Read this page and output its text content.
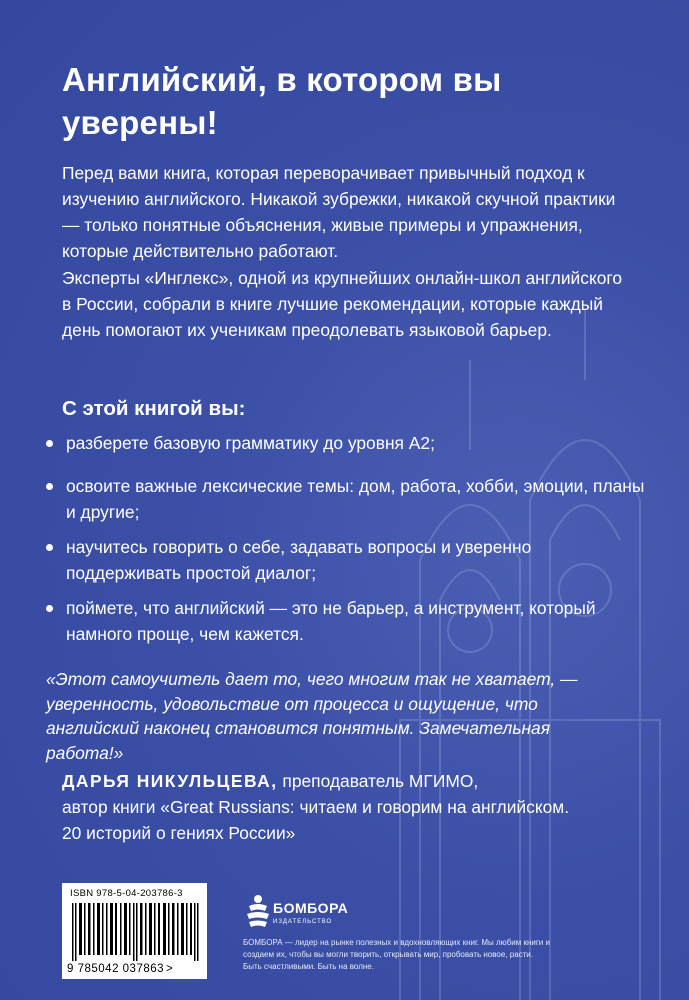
Английский, в котором вы уверены!
Перед вами книга, которая переворачивает привычный подход к изучению английского. Никакой зубрежки, никакой скучной практики — только понятные объяснения, живые примеры и упражнения, которые действительно работают.
Эксперты «Инглекс», одной из крупнейших онлайн-школ английского в России, собрали в книге лучшие рекомендации, которые каждый день помогают их ученикам преодолевать языковой барьер.
С этой книгой вы:
разберете базовую грамматику до уровня А2;
освоите важные лексические темы: дом, работа, хобби, эмоции, планы и другие;
научитесь говорить о себе, задавать вопросы и уверенно поддерживать простой диалог;
поймете, что английский — это не барьер, а инструмент, который намного проще, чем кажется.
«Этот самоучитель дает то, чего многим так не хватает, — уверенность, удовольствие от процесса и ощущение, что английский наконец становится понятным. Замечательная работа!»
ДАРЬЯ НИКУЛЬЦЕВА, преподаватель МГИМО,
автор книги «Great Russians: читаем и говорим на английском.
20 историй о гениях России»
ISBN 978-5-04-203786-3
9 785042 037863 >
БОМБОРА
ИЗДАТЕЛЬСТВО
БОМБОРА — лидер на рынке полезных и вдохновляющих книг. Мы любим книги и создаем их, чтобы вы могли творить, открывать мир, пробовать новое, расти. Быть счастливыми. Быть на волне.
